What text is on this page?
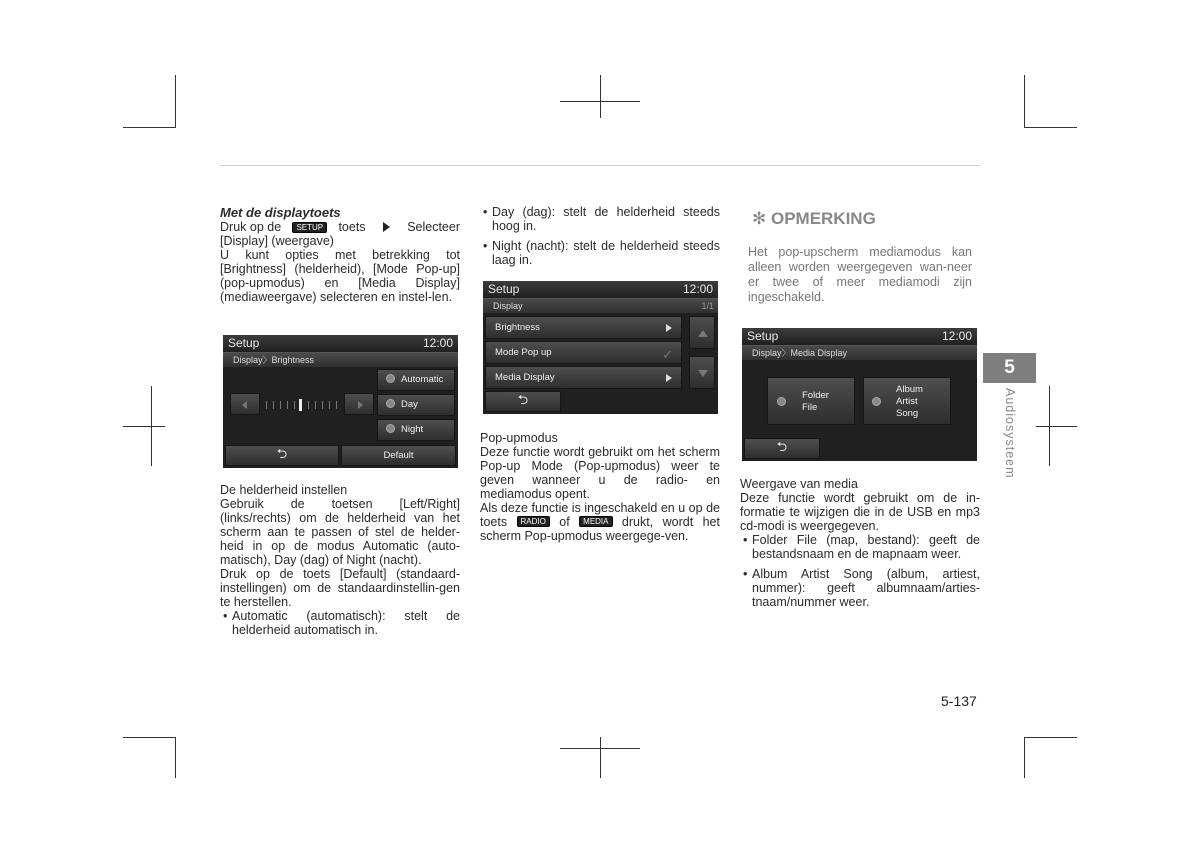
Met de displaytoets

Druk op de	SETUP	toets	Selecteer

[Display] (weergave)

U kunt opties met betrekking tot [Brightness] (helderheid), [Mode Pop-up] (pop-upmodus) en [Media Display] (mediaweergave) selecteren en instel-len.

Setup	12:00
Display〉Brightness
Automatic
Day
Night
⮌	Default

De helderheid instellen

Gebruik de toetsen [Left/Right] (links/rechts) om de helderheid van het scherm aan te passen of stel de helder-heid in op de modus Automatic (auto-matisch), Day (dag) of Night (nacht).

Druk op de toets [Default] (standaard-instellingen) om de standaardinstellin-gen te herstellen.

• Automatic (automatisch): stelt de helderheid automatisch in.

• Day (dag): stelt de helderheid steeds hoog in.

• Night (nacht): stelt de helderheid steeds laag in.

Setup	12:00
Display	1/1
Brightness
Mode Pop up	✓
Media Display
⮌

Pop-upmodus

Deze functie wordt gebruikt om het scherm Pop-up Mode (Pop-upmodus) weer te geven wanneer u de radio- en mediamodus opent.

Als deze functie is ingeschakeld en u op de toets RADIO of MEDIA drukt, wordt het scherm Pop-upmodus weergege-ven.

✻ OPMERKING
Het pop-upscherm mediamodus kan alleen worden weergegeven wan-neer er twee of meer mediamodi zijn ingeschakeld.
Setup	12:00
Display〉Media Display
Folder
File
Album
Artist
Song
⮌

Weergave van media

Deze functie wordt gebruikt om de in-formatie te wijzigen die in de USB en mp3 cd-modi is weergegeven.

• Folder File (map, bestand): geeft de bestandsnaam en de mapnaam weer.

• Album Artist Song (album, artiest, nummer): geeft albumnaam/arties-tnaam/nummer weer.

5
Audiosysteem
5-137
